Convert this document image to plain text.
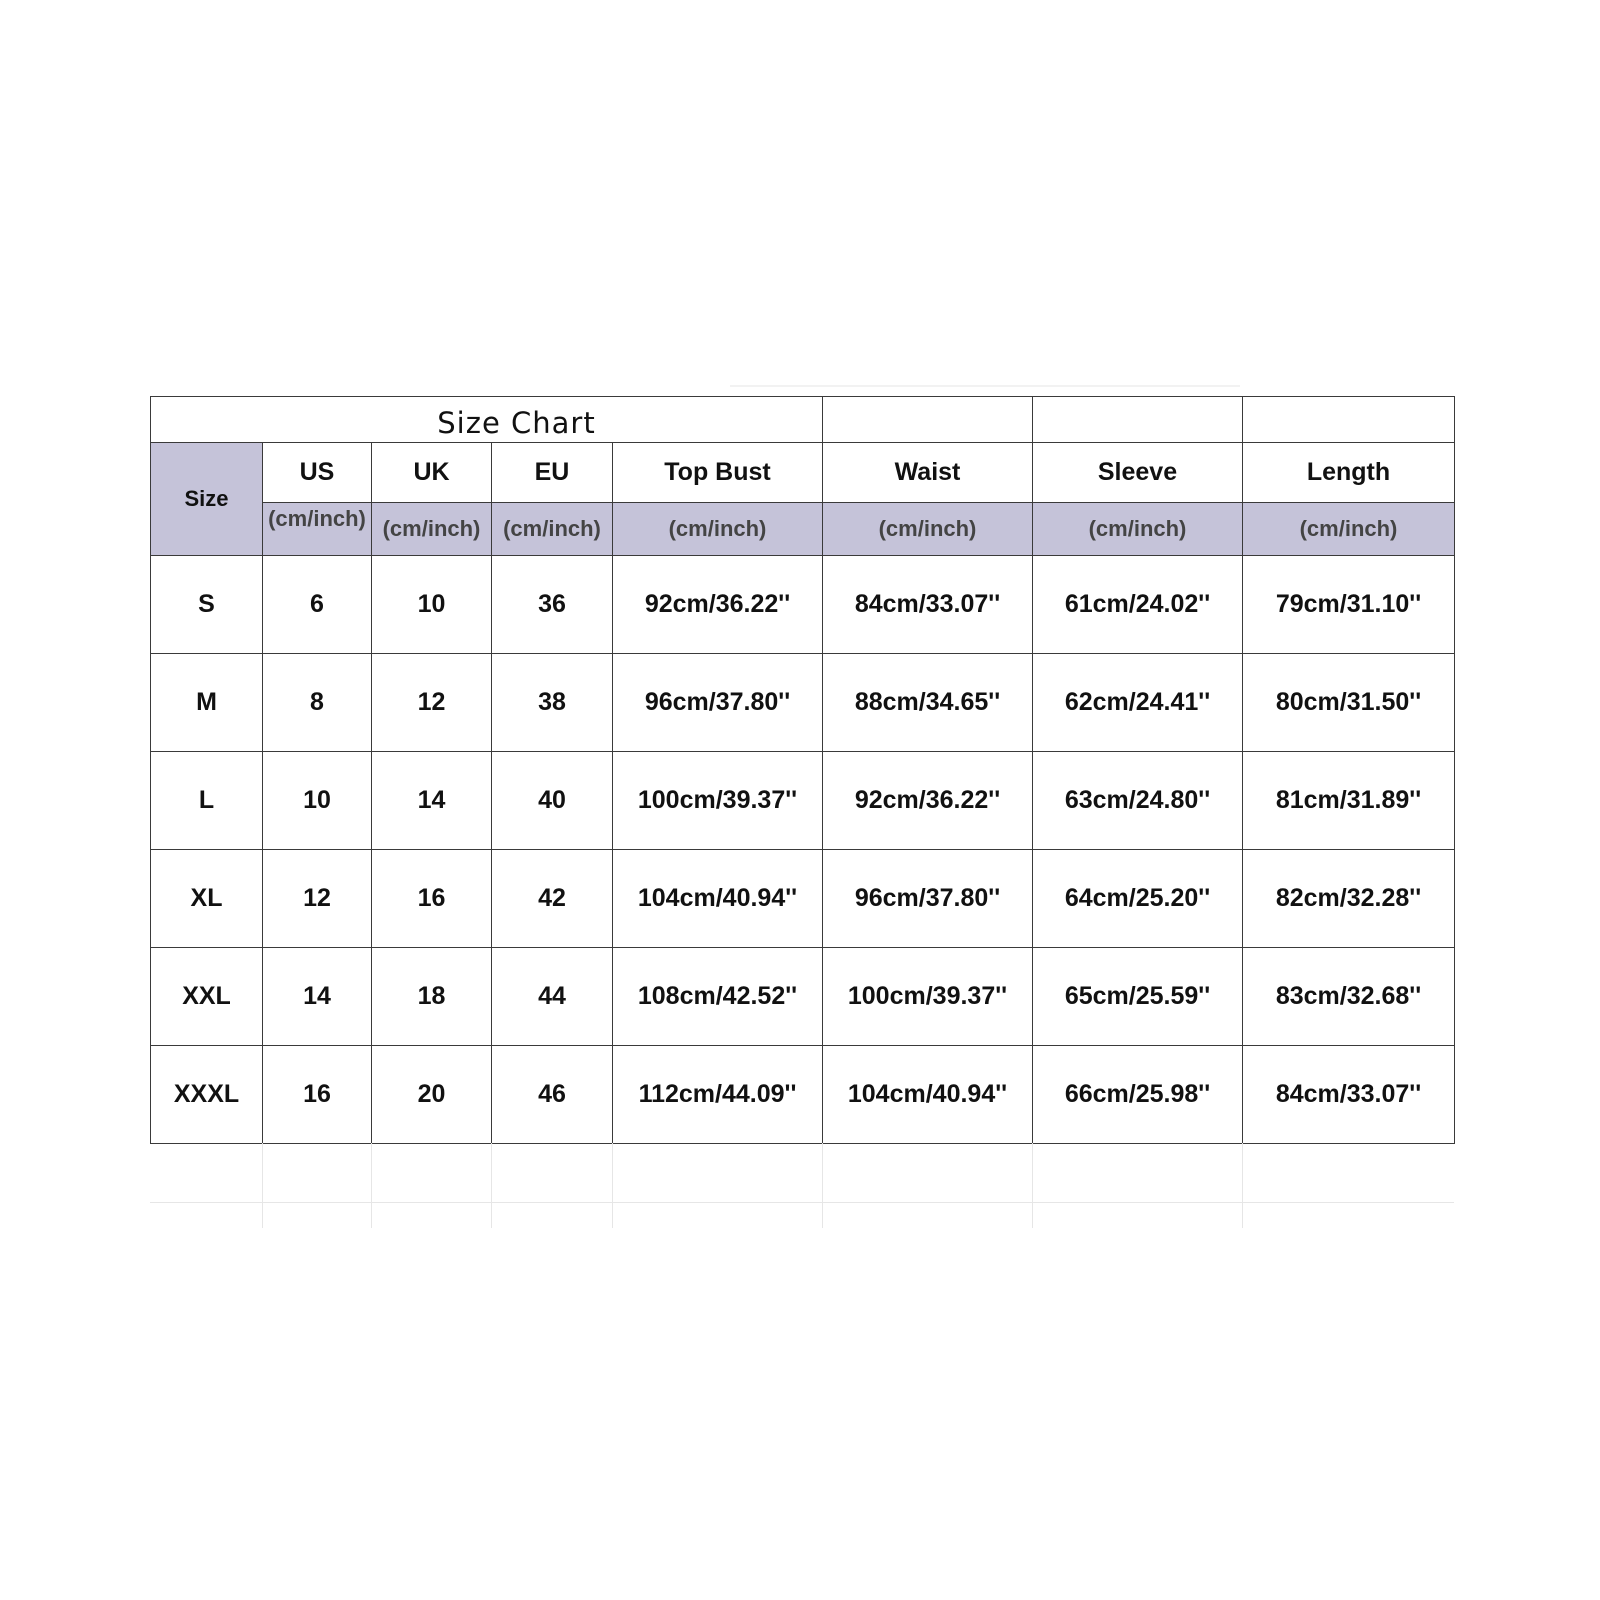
Size Chart							
Size	US	UK	EU	Top Bust	Waist	Sleeve	Length
	(cm/inch)	(cm/inch)	(cm/inch)	(cm/inch)	(cm/inch)	(cm/inch)	(cm/inch)
S	6	10	36	92cm/36.22''	84cm/33.07''	61cm/24.02''	79cm/31.10''
M	8	12	38	96cm/37.80''	88cm/34.65''	62cm/24.41''	80cm/31.50''
L	10	14	40	100cm/39.37''	92cm/36.22''	63cm/24.80''	81cm/31.89''
XL	12	16	42	104cm/40.94''	96cm/37.80''	64cm/25.20''	82cm/32.28''
XXL	14	18	44	108cm/42.52''	100cm/39.37''	65cm/25.59''	83cm/32.68''
XXXL	16	20	46	112cm/44.09''	104cm/40.94''	66cm/25.98''	84cm/33.07''
